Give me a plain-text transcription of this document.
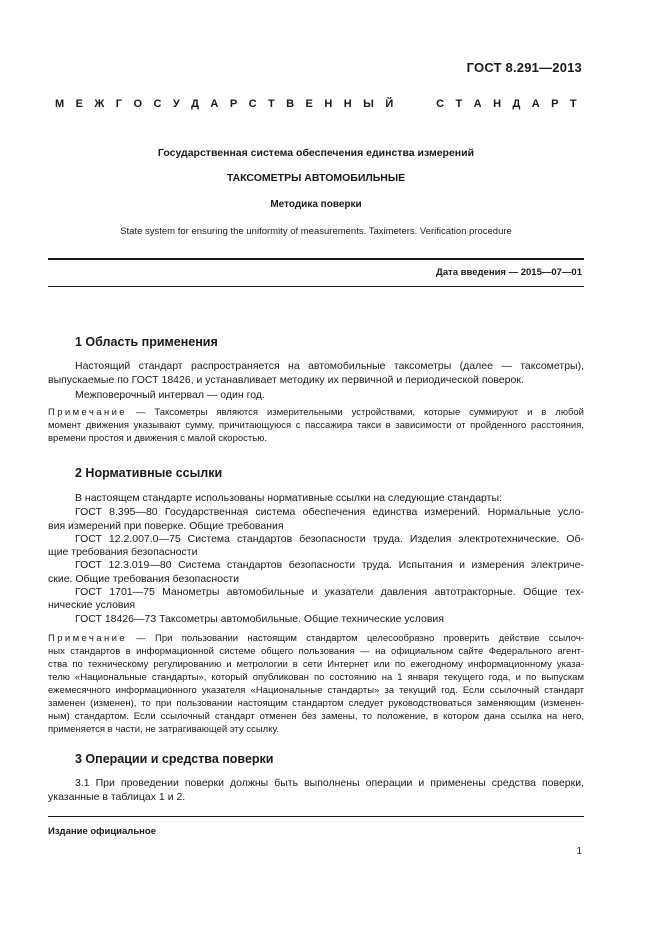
ГОСТ 8.291—2013
М Е Ж Г О С У Д А Р С Т В Е Н Н Ы Й	С Т А Н Д А Р Т
Государственная система обеспечения единства измерений
ТАКСОМЕТРЫ АВТОМОБИЛЬНЫЕ
Методика поверки
State system for ensuring the uniformity of measurements. Taximeters. Verification procedure
Дата введения — 2015—07—01
1 Область применения
Настоящий стандарт распространяется на автомобильные таксометры (далее — таксометры),
выпускаемые по ГОСТ 18426, и устанавливает методику их первичной и периодической поверок.
Межповерочный интервал — один год.
Примечание — Таксометры являются измерительными устройствами, которые суммируют и в любой
момент движения указывают сумму, причитающуюся с пассажира такси в зависимости от пройденного расстояния,
времени простоя и движения с малой скоростью.
2 Нормативные ссылки
В настоящем стандарте использованы нормативные ссылки на следующие стандарты:
ГОСТ 8.395—80 Государственная система обеспечения единства измерений. Нормальные усло-
вия измерений при поверке. Общие требования
ГОСТ 12.2.007.0—75 Система стандартов безопасности труда. Изделия электротехнические. Об-
щие требования безопасности
ГОСТ 12.3.019—80 Система стандартов безопасности труда. Испытания и измерения электриче-
ские. Общие требования безопасности
ГОСТ 1701—75 Манометры автомобильные и указатели давления автотракторные. Общие тех-
нические условия
ГОСТ 18426—73 Таксометры автомобильные. Общие технические условия
Примечание — При пользовании настоящим стандартом целесообразно проверить действие ссылоч-
ных стандартов в информационной системе общего пользования — на официальном сайте Федерального агент-
ства по техническому регулированию и метрологии в сети Интернет или по ежегодному информационному указа-
телю «Национальные стандарты», который опубликован по состоянию на 1 января текущего года, и по выпускам
ежемесячного информационного указателя «Национальные стандарты» за текущий год. Если ссылочный стандарт
заменен (изменен), то при пользовании настоящим стандартом следует руководствоваться заменяющим (изменен-
ным) стандартом. Если ссылочный стандарт отменен без замены, то положение, в котором дана ссылка на него,
применяется в части, не затрагивающей эту ссылку.
3 Операции и средства поверки
3.1 При проведении поверки должны быть выполнены операции и применены средства поверки,
указанные в таблицах 1 и 2.
Издание официальное
1
